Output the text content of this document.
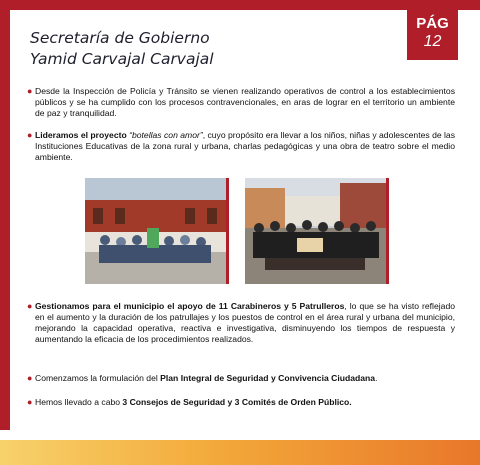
PÁG
12
Secretaría de Gobierno
Yamid Carvajal Carvajal
● Desde la Inspección de Policía y Tránsito se vienen realizando operativos de control a los establecimientos públicos y se ha cumplido con los procesos contravencionales, en aras de lograr en el territorio un ambiente de paz y tranquilidad.
● Lideramos el proyecto “botellas con amor”, cuyo propósito era llevar a los niños, niñas y adolescentes de las Instituciones Educativas de la zona rural y urbana, charlas pedagógicas y una obra de teatro sobre el medio ambiente.
● Gestionamos para el municipio el apoyo de 11 Carabineros y 5 Patrulleros, lo que se ha visto reflejado en el aumento y la duración de los patrullajes y los puestos de control en el área rural y urbana del municipio, mejorando la capacidad operativa, reactiva e investigativa, disminuyendo los tiempos de respuesta y aumentando la eficacia de los procedimientos realizados.
● Comenzamos la formulación del Plan Integral de Seguridad y Convivencia Ciudadana.
● Hemos llevado a cabo 3 Consejos de Seguridad y 3 Comités de Orden Público.
